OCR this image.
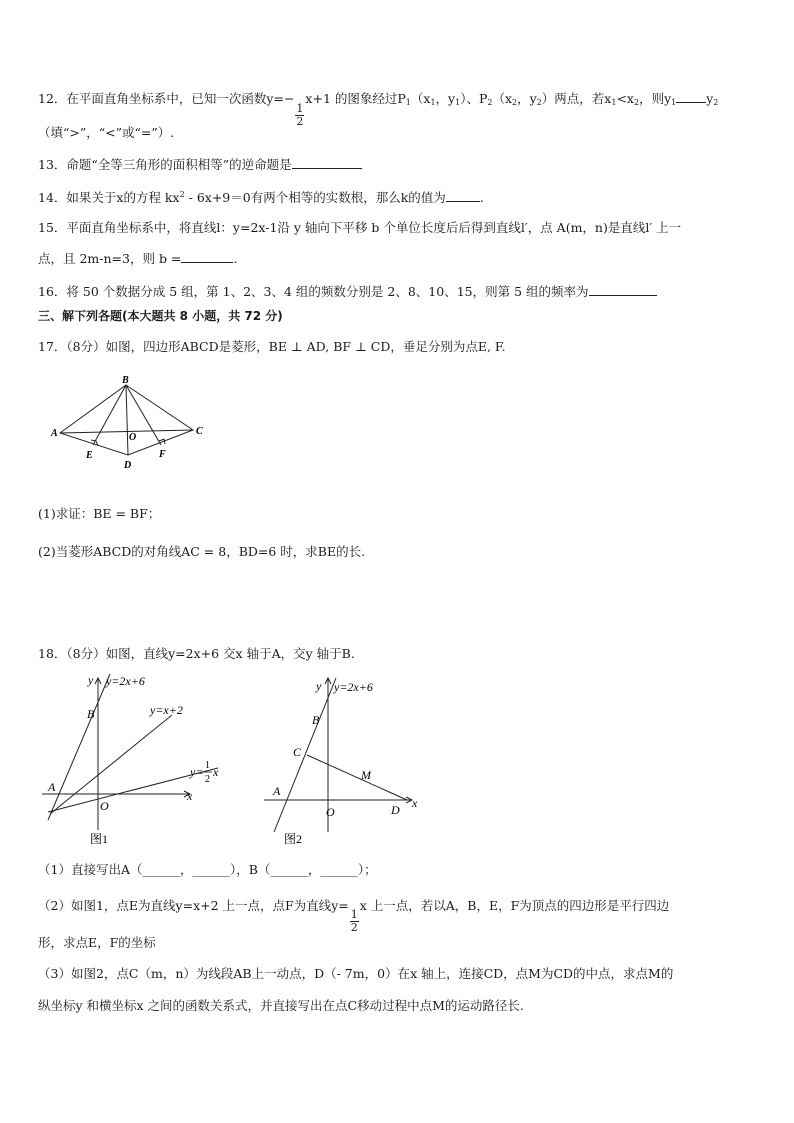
12．在平面直角坐标系中，已知一次函数y=−
$\frac{1}{2}$
x+1 的图象经过$P_1(x_1$，$y_1$）、$P_2(x_2$，$y_2$）两点，若$x_1<x_2$，则$y_1$ $y_2$
（填“>”，“<”或“=”）.
13．命题“全等三角形的面积相等”的逆命题是
14．如果关于x的方程 $kx^2 - 6x+9=0$有两个相等的实数根，那么k的值为	.
15．平面直角坐标系中，将直线l：y=2x-1沿 y 轴向下平移 b 个单位长度后后得到直线l′，点 A(m，n)是直线l′ 上一
点，且 2m-n=3，则 b =	.
16．将 50 个数据分成 5 组，第 1、2、3、4 组的频数分别是 2、8、10、15，则第 5 组的频率为
三、解下列各题(本大题共 8 小题，共 72 分)
17．（8分）如图，四边形ABCD是菱形，BE ⊥ AD, BF ⊥ CD，垂足分别为点E, F.
B
A	C
D
E	F
O
(1)求证：BE = BF；
(2)当菱形ABCD的对角线AC = 8，BD=6 时，求BE的长.
18．（8分）如图，直线y=2x+6 交x 轴于A，交y 轴于B.
y y=2x+6
y=x+2
y= 1
2
x
B
A
O
x
图1
y y=2x+6
B
C
M
A
O	D x
图2
（1）直接写出A（______，______），B（______，______）；
（2）如图1，点E为直线y=x+2 上一点，点F为直线y=
$\frac{1}{2}$
x 上一点，若以A，B，E，F为顶点的四边形是平行四边
形，求点E，F的坐标
（3）如图2，点C（m，n）为线段AB上一动点，D（- 7m，0）在x 轴上，连接CD，点M为CD的中点，求点M的
纵坐标y 和横坐标x 之间的函数关系式，并直接写出在点C移动过程中点M的运动路径长.
